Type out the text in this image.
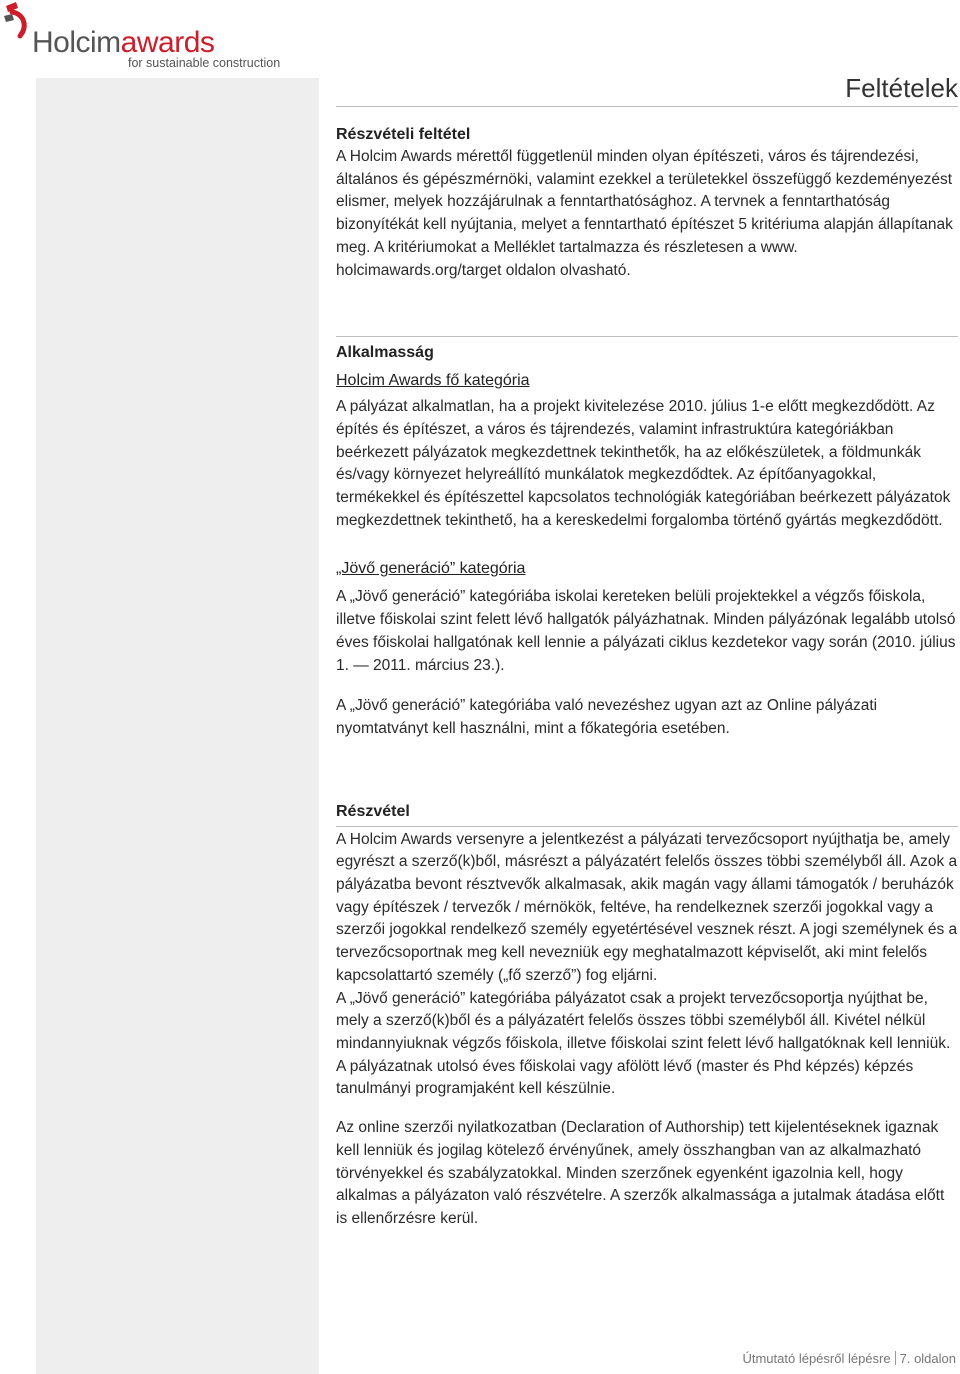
Holcimawards
for sustainable construction
Feltételek
Részvételi feltétel

A Holcim Awards mérettől függetlenül minden olyan építészeti, város és tájrendezési, általános és gépészmérnöki, valamint ezekkel a területekkel összefüggő kezdeményezést elismer, melyek hozzájárulnak a fenntarthatósághoz. A tervnek a fenntarthatóság bizonyítékát kell nyújtania, melyet a fenntartható építészet 5 kritériuma alapján állapítanak meg. A kritériumokat a Melléklet tartalmazza és részletesen a www. holcimawards.org/target oldalon olvasható.

Alkalmasság
Holcim Awards fő kategória

A pályázat alkalmatlan, ha a projekt kivitelezése 2010. július 1-e előtt megkezdődött. Az építés és építészet, a város és tájrendezés, valamint infrastruktúra kategóriákban beérkezett pályázatok megkezdettnek tekinthetők, ha az előkészületek, a földmunkák és/vagy környezet helyreállító munkálatok megkezdődtek. Az építőanyagokkal, termékekkel és építészettel kapcsolatos technológiák kategóriában beérkezett pályázatok megkezdettnek tekinthető, ha a kereskedelmi forgalomba történő gyártás megkezdődött.

„Jövő generáció” kategória

A „Jövő generáció” kategóriába iskolai kereteken belüli projektekkel a végzős főiskola, illetve főiskolai szint felett lévő hallgatók pályázhatnak. Minden pályázónak legalább utolsó éves főiskolai hallgatónak kell lennie a pályázati ciklus kezdetekor vagy során (2010. július 1. — 2011. március 23.).

A „Jövő generáció” kategóriába való nevezéshez ugyan azt az Online pályázati nyomtatványt kell használni, mint a főkategória esetében.

Részvétel

A Holcim Awards versenyre a jelentkezést a pályázati tervezőcsoport nyújthatja be, amely egyrészt a szerző(k)ből, másrészt a pályázatért felelős összes többi személyből áll. Azok a pályázatba bevont résztvevők alkalmasak, akik magán vagy állami támogatók / beruházók vagy építészek / tervezők / mérnökök, feltéve, ha rendelkeznek szerzői jogokkal vagy a szerzői jogokkal rendelkező személy egyetértésével vesznek részt. A jogi személynek és a tervezőcsoportnak meg kell nevezniük egy meghatalmazott képviselőt, aki mint felelős kapcsolattartó személy („fő szerző”) fog eljárni.

A „Jövő generáció” kategóriába pályázatot csak a projekt tervezőcsoportja nyújthat be, mely a szerző(k)ből és a pályázatért felelős összes többi személyből áll. Kivétel nélkül mindannyiuknak végzős főiskola, illetve főiskolai szint felett lévő hallgatóknak kell lenniük. A pályázatnak utolsó éves főiskolai vagy afölött lévő (master és Phd képzés) képzés tanulmányi programjaként kell készülnie.

Az online szerzői nyilatkozatban (Declaration of Authorship) tett kijelentéseknek igaznak kell lenniük és jogilag kötelező érvényűnek, amely összhangban van az alkalmazható törvényekkel és szabályzatokkal. Minden szerzőnek egyenként igazolnia kell, hogy alkalmas a pályázaton való részvételre. A szerzők alkalmassága a jutalmak átadása előtt is ellenőrzésre kerül.

Útmutató lépésről lépésre 7. oldalon
